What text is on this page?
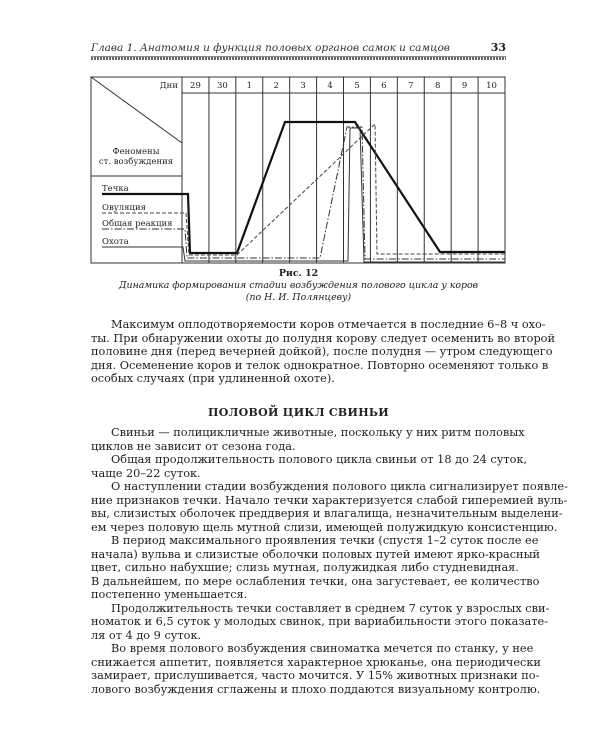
Глава 1. Анатомия и функция половых органов самок и самцов	33
Дни 29 30 1	2	3	4	5	6	7	8	9 10
Феномены
ст. возбуждения
Течка
Овуляция
Общая реакция
Охота
Рис. 12
Динамика формирования стадии возбуждения полового цикла у коров
(по Н. И. Полянцеву)
Максимум оплодотворяемости коров отмечается в последние 6–8 ч охо-
ты. При обнаружении охоты до полудня корову следует осеменить во второй
половине дня (перед вечерней дойкой), после полудня — утром следующего
дня. Осеменение коров и телок однократное. Повторно осеменяют только в
особых случаях (при удлиненной охоте).
ПОЛОВОЙ ЦИКЛ СВИНЬИ
Свиньи — полицикличные животные, поскольку у них ритм половых
циклов не зависит от сезона года.
Общая продолжительность полового цикла свиньи от 18 до 24 суток,
чаще 20–22 суток.
О наступлении стадии возбуждения полового цикла сигнализирует появле-
ние признаков течки. Начало течки характеризуется слабой гиперемией вуль-
вы, слизистых оболочек преддверия и влагалища, незначительным выделени-
ем через половую щель мутной слизи, имеющей полужидкую консистенцию.
В период максимального проявления течки (спустя 1–2 суток после ее
начала) вульва и слизистые оболочки половых путей имеют ярко-красный
цвет, сильно набухшие; слизь мутная, полужидкая либо студневидная.
В дальнейшем, по мере ослабления течки, она загустевает, ее количество
постепенно уменьшается.
Продолжительность течки составляет в среднем 7 суток у взрослых сви-
номаток и 6,5 суток у молодых свинок, при вариабильности этого показате-
ля от 4 до 9 суток.
Во время полового возбуждения свиноматка мечется по станку, у нее
снижается аппетит, появляется характерное хрюканье, она периодически
замирает, прислушивается, часто мочится. У 15% животных признаки по-
лового возбуждения сглажены и плохо поддаются визуальному контролю.
